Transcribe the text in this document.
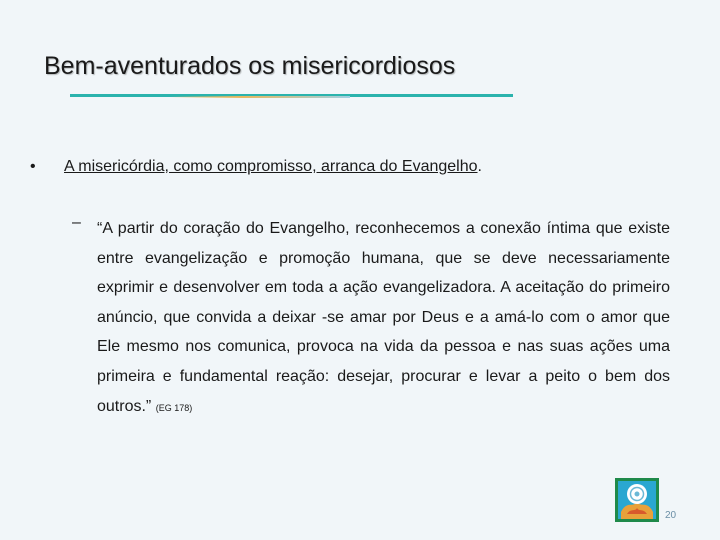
Bem-aventurados os misericordiosos
• A misericórdia, como compromisso, arranca do Evangelho.
– “A partir do coração do Evangelho, reconhecemos a conexão íntima que existe entre evangelização e promoção humana, que se deve necessariamente exprimir e desenvolver em toda a ação evangelizadora. A aceitação do primeiro anúncio, que convida a deixar -se amar por Deus e a amá-lo com o amor que Ele mesmo nos comunica, provoca na vida da pessoa e nas suas ações uma primeira e fundamental reação: desejar, procurar e levar a peito o bem dos outros.” (EG 178)
20
